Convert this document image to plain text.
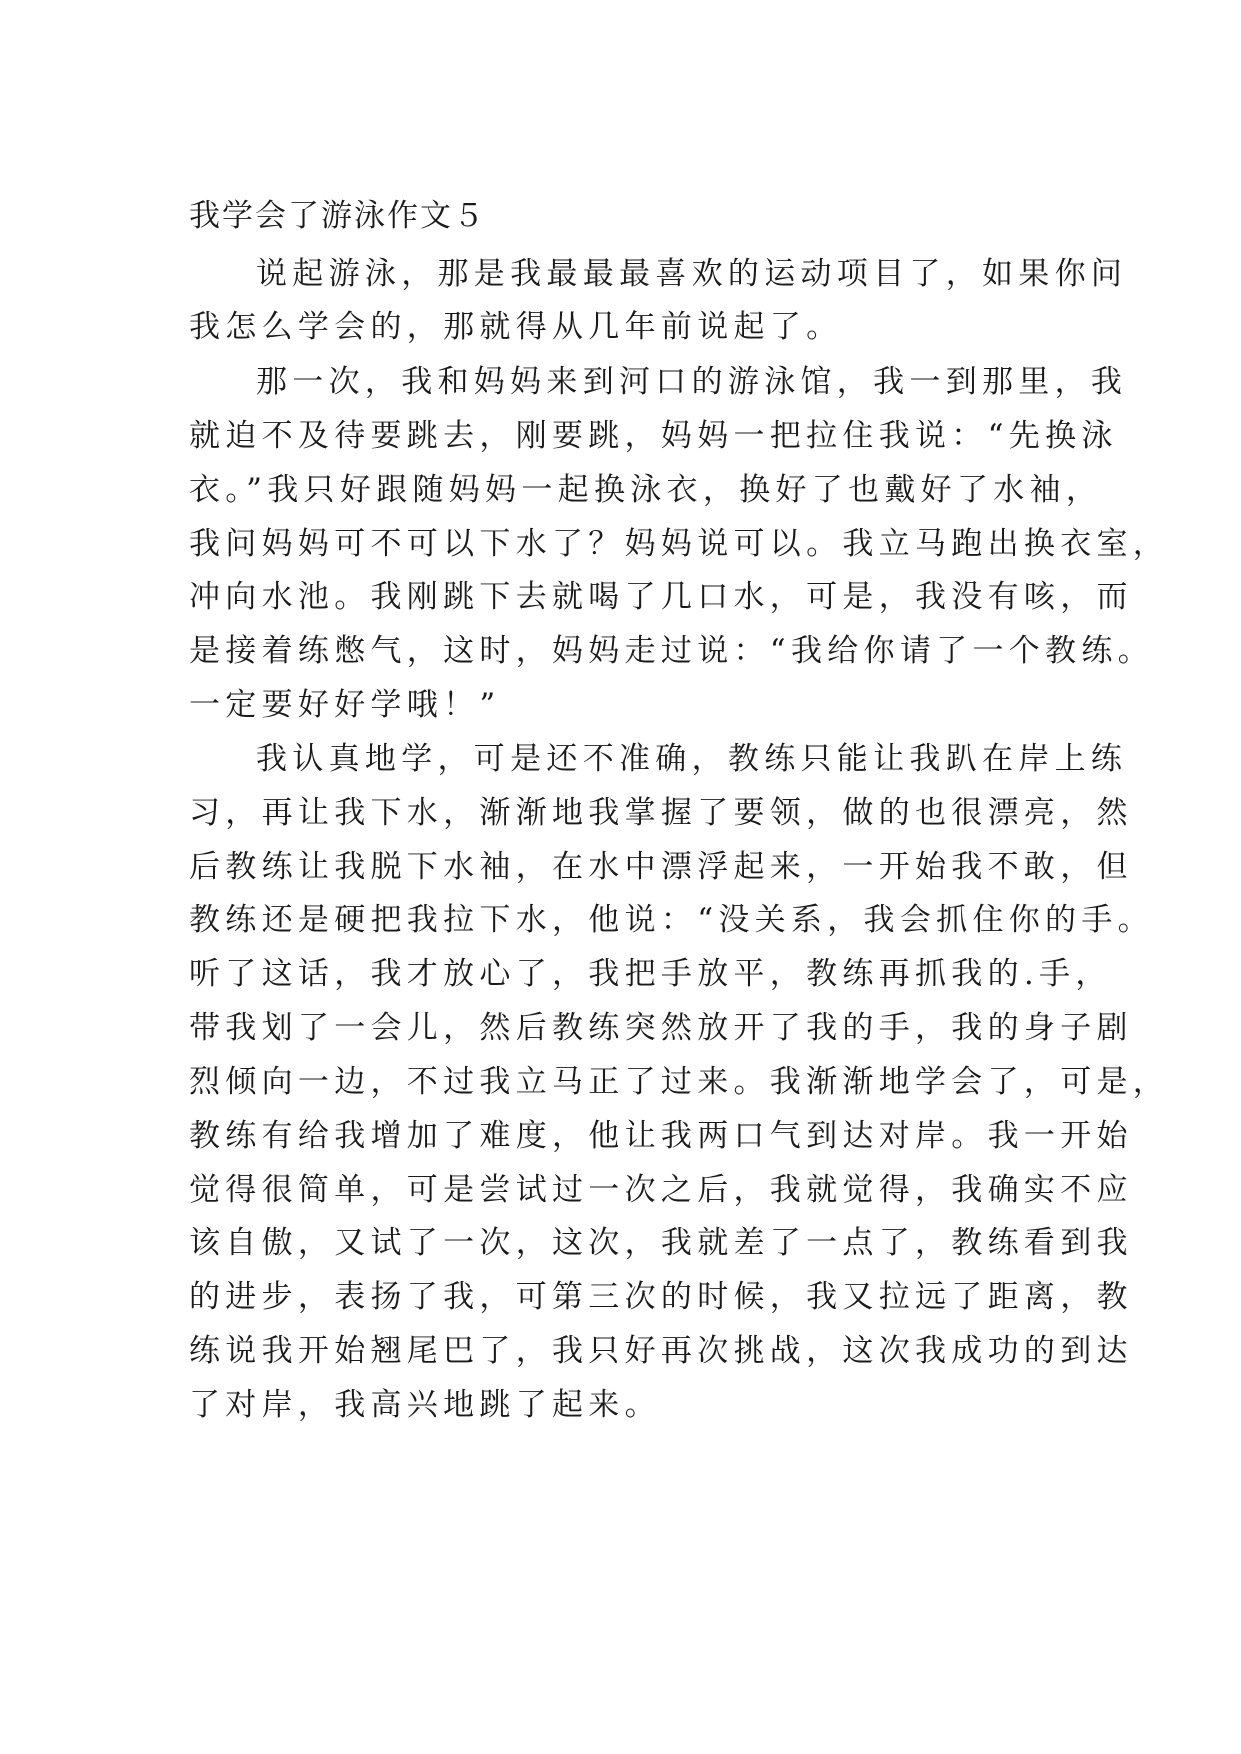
我学会了游泳作文５
说起游泳，那是我最最最喜欢的运动项目了，如果你问
我怎么学会的，那就得从几年前说起了。
那一次，我和妈妈来到河口的游泳馆，我一到那里，我
就迫不及待要跳去，刚要跳，妈妈一把拉住我说：“先换泳
衣。”我只好跟随妈妈一起换泳衣，换好了也戴好了水袖，
我问妈妈可不可以下水了？妈妈说可以。我立马跑出换衣室，
冲向水池。我刚跳下去就喝了几口水，可是，我没有咳，而
是接着练憋气，这时，妈妈走过说：“我给你请了一个教练。
一定要好好学哦！”
我认真地学，可是还不准确，教练只能让我趴在岸上练
习，再让我下水，渐渐地我掌握了要领，做的也很漂亮，然
后教练让我脱下水袖，在水中漂浮起来，一开始我不敢，但
教练还是硬把我拉下水，他说：“没关系，我会抓住你的手。
听了这话，我才放心了，我把手放平，教练再抓我的.手，
带我划了一会儿，然后教练突然放开了我的手，我的身子剧
烈倾向一边，不过我立马正了过来。我渐渐地学会了，可是，
教练有给我增加了难度，他让我两口气到达对岸。我一开始
觉得很简单，可是尝试过一次之后，我就觉得，我确实不应
该自傲，又试了一次，这次，我就差了一点了，教练看到我
的进步，表扬了我，可第三次的时候，我又拉远了距离，教
练说我开始翘尾巴了，我只好再次挑战，这次我成功的到达
了对岸，我高兴地跳了起来。
